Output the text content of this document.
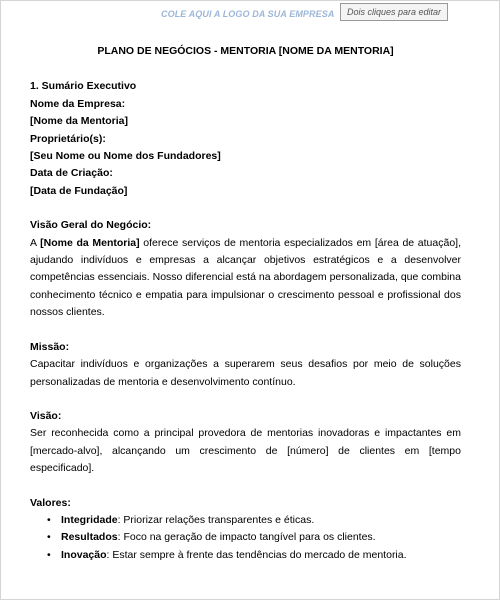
COLE AQUI A LOGO DA SUA EMPRESA	Dois cliques para editar

PLANO DE NEGÓCIOS - MENTORIA [NOME DA MENTORIA]

1. Sumário Executivo

Nome da Empresa:

[Nome da Mentoria]

Proprietário(s):

[Seu Nome ou Nome dos Fundadores]

Data de Criação:

[Data de Fundação]

Visão Geral do Negócio:

A [Nome da Mentoria] oferece serviços de mentoria especializados em [área de atuação], ajudando indivíduos e empresas a alcançar objetivos estratégicos e a desenvolver competências essenciais. Nosso diferencial está na abordagem personalizada, que combina conhecimento técnico e empatia para impulsionar o crescimento pessoal e profissional dos nossos clientes.

Missão:

Capacitar indivíduos e organizações a superarem seus desafios por meio de soluções personalizadas de mentoria e desenvolvimento contínuo.

Visão:

Ser reconhecida como a principal provedora de mentorias inovadoras e impactantes em [mercado-alvo], alcançando um crescimento de [número] de clientes em [tempo especificado].

Valores:

• Integridade: Priorizar relações transparentes e éticas.
• Resultados: Foco na geração de impacto tangível para os clientes.
• Inovação: Estar sempre à frente das tendências do mercado de mentoria.
